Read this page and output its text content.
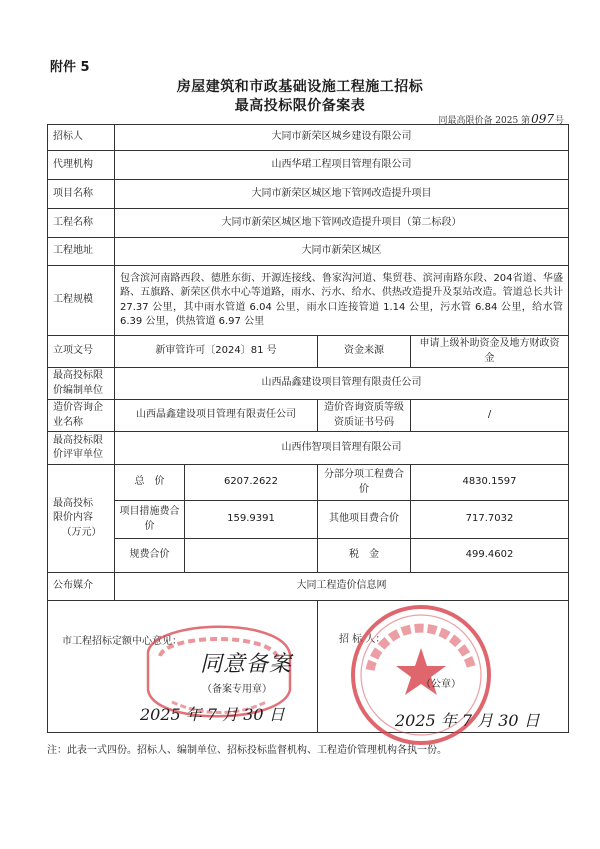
附件 5
房屋建筑和市政基础设施工程施工招标
最高投标限价备案表
同最高限价备 2025 第097号
招标人	大同市新荣区城乡建设有限公司			
代理机构	山西华珺工程项目管理有限公司			
项目名称	大同市新荣区城区地下管网改造提升项目			
工程名称	大同市新荣区城区地下管网改造提升项目（第二标段）			
工程地址	大同市新荣区城区			
工程规模	包含滨河南路西段、德胜东街、开源连接线、鲁家沟河道、集贸巷、滨河南路东段、204省道、华盛路、五旗路、新荣区供水中心等道路，雨水、污水、给水、供热改造提升及泵站改造。管道总长共计 27.37 公里，其中雨水管道 6.04 公里，雨水口连接管道 1.14 公里，污水管 6.84 公里，给水管 6.39 公里，供热管道 6.97 公里			
立项文号	新审管许可〔2024〕81 号		资金来源	申请上级补助资金及地方财政资金
最高投标限价编制单位	山西晶鑫建设项目管理有限责任公司			
造价咨询企业名称	山西晶鑫建设项目管理有限责任公司		造价咨询资质等级资质证书号码	/
最高投标限价评审单位	山西伟智项目管理有限公司			

最高投标
限价内容
（万元）	总　价	6207.2622	分部分项工程费合价	4830.1597
	项目措施费合价	159.9391	其他项目费合价	717.7032
	规费合价		税　金	499.4602
公布媒介	大同工程造价信息网			

市工程招标定额中心意见：
同意备案
（备案专用章）
2025 年 7 月 30 日
招 标 人：
（公章）
2025 年 7 月 30 日
注：此表一式四份。招标人、编制单位、招标投标监督机构、工程造价管理机构各执一份。
